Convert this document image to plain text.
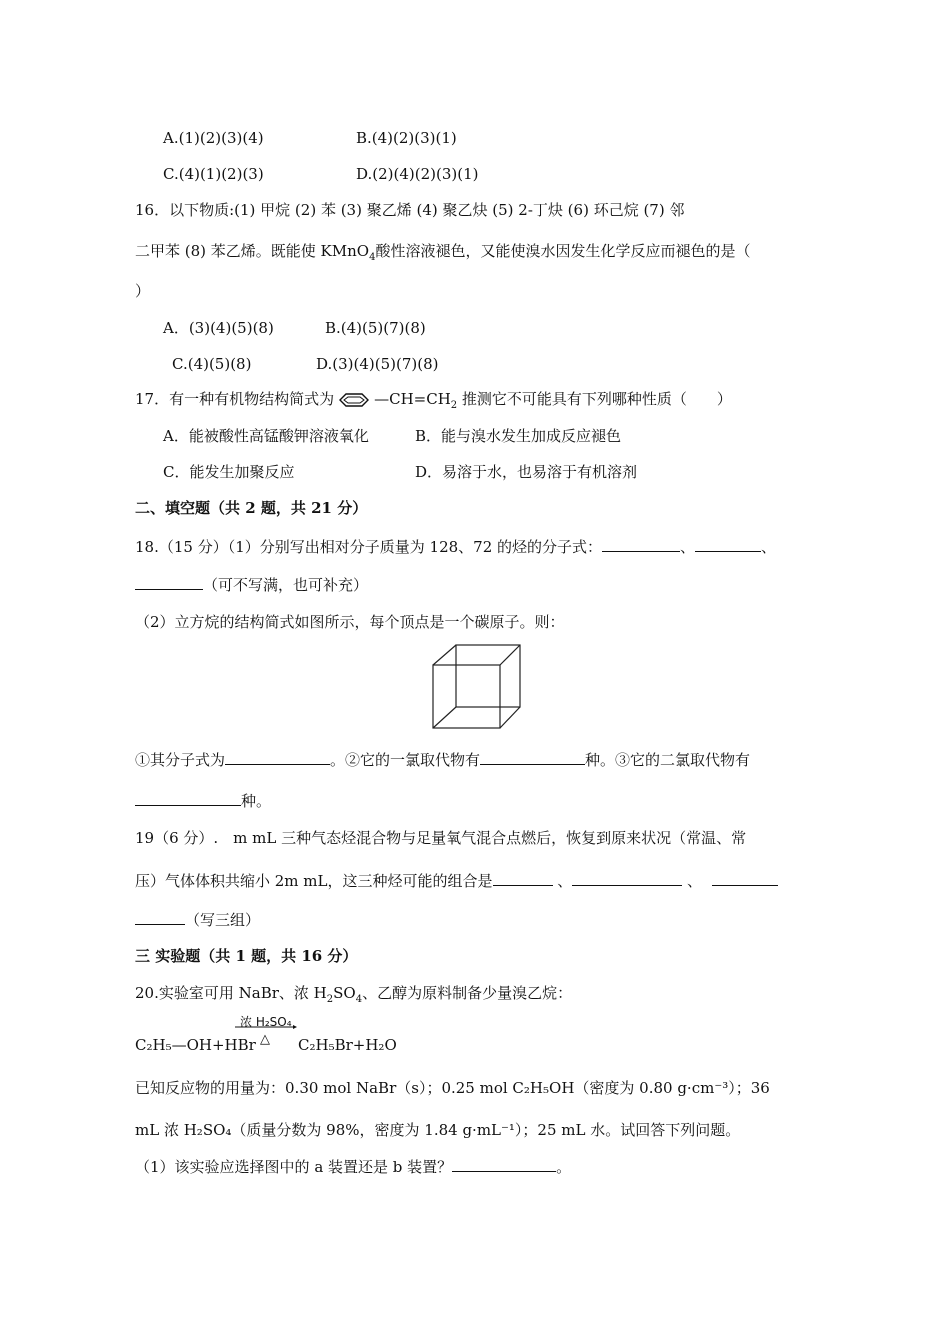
A.(1)(2)(3)(4)	B.(4)(2)(3)(1)
C.(4)(1)(2)(3)	D.(2)(4)(2)(3)(1)
16．以下物质:(1) 甲烷 (2) 苯 (3) 聚乙烯 (4) 聚乙炔 (5) 2-丁炔 (6) 环己烷 (7) 邻
二甲苯 (8) 苯乙烯。既能使 KMnO$_4$酸性溶液褪色，又能使溴水因发生化学反应而褪色的是（
）
A．(3)(4)(5)(8)	B.(4)(5)(7)(8)
C.(4)(5)(8)	D.(3)(4)(5)(7)(8)
17．有一种有机物结构简式为	$—CH=CH_2$ 推测它不可能具有下列哪种性质（　　）
A．能被酸性高锰酸钾溶液氧化	B．能与溴水发生加成反应褪色
C．能发生加聚反应	D．易溶于水，也易溶于有机溶剂
二、填空题（共 2 题，共 21 分）
18.（15 分）（1）分别写出相对分子质量为 128、72 的烃的分子式：	、	、
（可不写满，也可补充）
（2）立方烷的结构简式如图所示，每个顶点是一个碳原子。则：
①其分子式为	。②它的一氯取代物有	种。③它的二氯取代物有
种。
19（6 分）.　m mL 三种气态烃混合物与足量氧气混合点燃后，恢复到原来状况（常温、常
压）气体体积共缩小 2m mL，这三种烃可能的组合是	、	、
（写三组）
三 实验题（共 1 题，共 16 分）
20.实验室可用 NaBr、浓 $H_2SO_4$、乙醇为原料制备少量溴乙烷：
C₂H₅—OH+HBr
浓 H₂SO₄
△ C₂H₅Br+H₂O
已知反应物的用量为：0.30 mol NaBr（s）；0.25 mol C₂H₅OH（密度为 0.80 g·cm⁻³）；36
mL 浓 H₂SO₄（质量分数为 98%，密度为 1.84 g·mL⁻¹）；25 mL 水。试回答下列问题。
（1）该实验应选择图中的 a 装置还是 b 装置？	。
